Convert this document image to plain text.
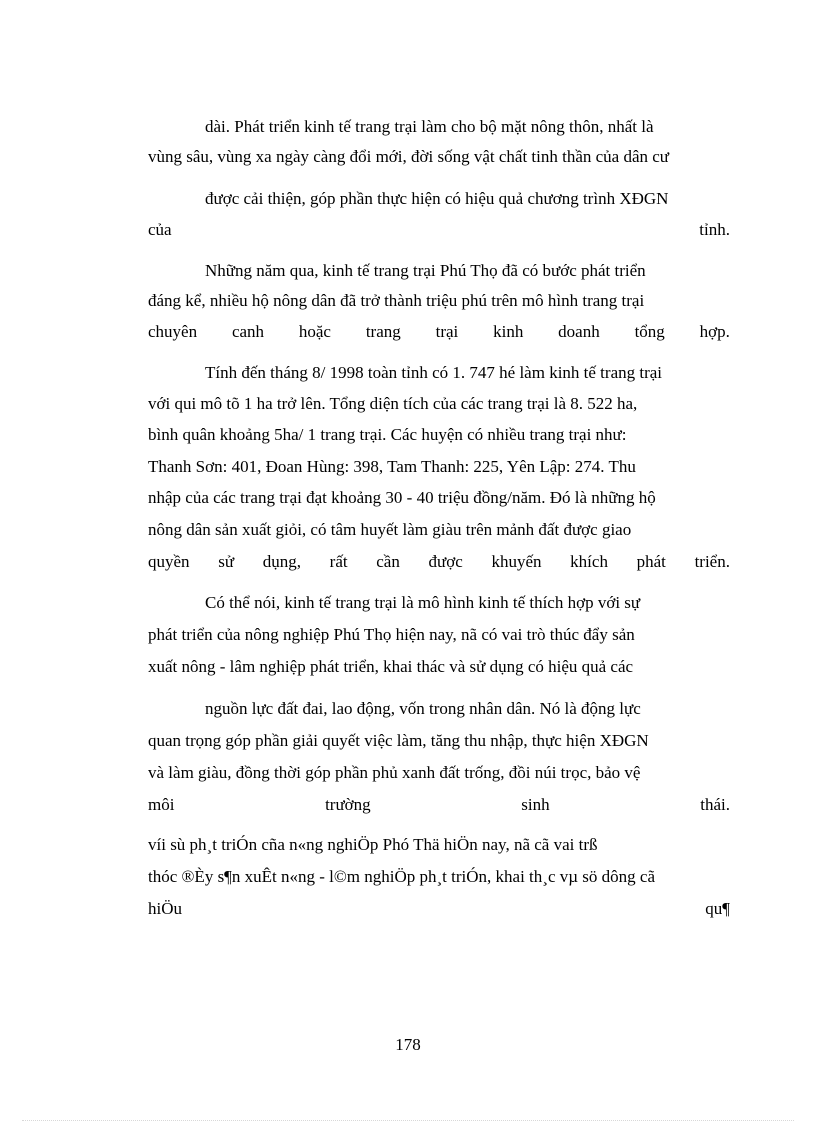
dài. Phát triển kinh tế trang trại làm cho bộ mặt nông thôn, nhất là
vùng sâu, vùng xa ngày càng đổi mới, đời sống vật chất tinh thần của dân cư
được cải thiện, góp phần thực hiện có hiệu quả chương trình XĐGN
của	tỉnh.
Những năm qua, kinh tế trang trại Phú Thọ đã có bước phát triển
đáng kể, nhiều hộ nông dân đã trở thành triệu phú trên mô hình trang trại
chuyên canh hoặc trang trại kinh doanh tổng hợp.
Tính đến tháng 8/ 1998 toàn tỉnh có 1. 747 hé làm kinh tế trang trại
với qui mô tõ 1 ha trở lên. Tổng diện tích của các trang trại là 8. 522 ha,
bình quân khoảng 5ha/ 1 trang trại. Các huyện có nhiều trang trại như:
Thanh Sơn: 401, Đoan Hùng: 398, Tam Thanh: 225, Yên Lập: 274. Thu
nhập của các trang trại đạt khoảng 30 - 40 triệu đồng/năm. Đó là những hộ
nông dân sản xuất giỏi, có tâm huyết làm giàu trên mảnh đất được giao
quyền sử dụng, rất cần được khuyến khích phát triển.
Có thể nói, kinh tế trang trại là mô hình kinh tế thích hợp với sự
phát triển của nông nghiệp Phú Thọ hiện nay, nã có vai trò thúc đẩy sản
xuất nông - lâm nghiệp phát triển, khai thác và sử dụng có hiệu quả các
nguồn lực đất đai, lao động, vốn trong nhân dân. Nó là động lực
quan trọng góp phần giải quyết việc làm, tăng thu nhập, thực hiện XĐGN
và làm giàu, đồng thời góp phần phủ xanh đất trống, đồi núi trọc, bảo vệ
môi	trường	sinh	thái.
víi sù ph¸t triÓn cña n«ng nghiÖp Phó Thä hiÖn nay, nã cã vai trß
thóc ®Èy s¶n xuÊt n«ng - l©m nghiÖp ph¸t triÓn, khai th¸c vµ sö dông cã
hiÖu	qu¶
178
